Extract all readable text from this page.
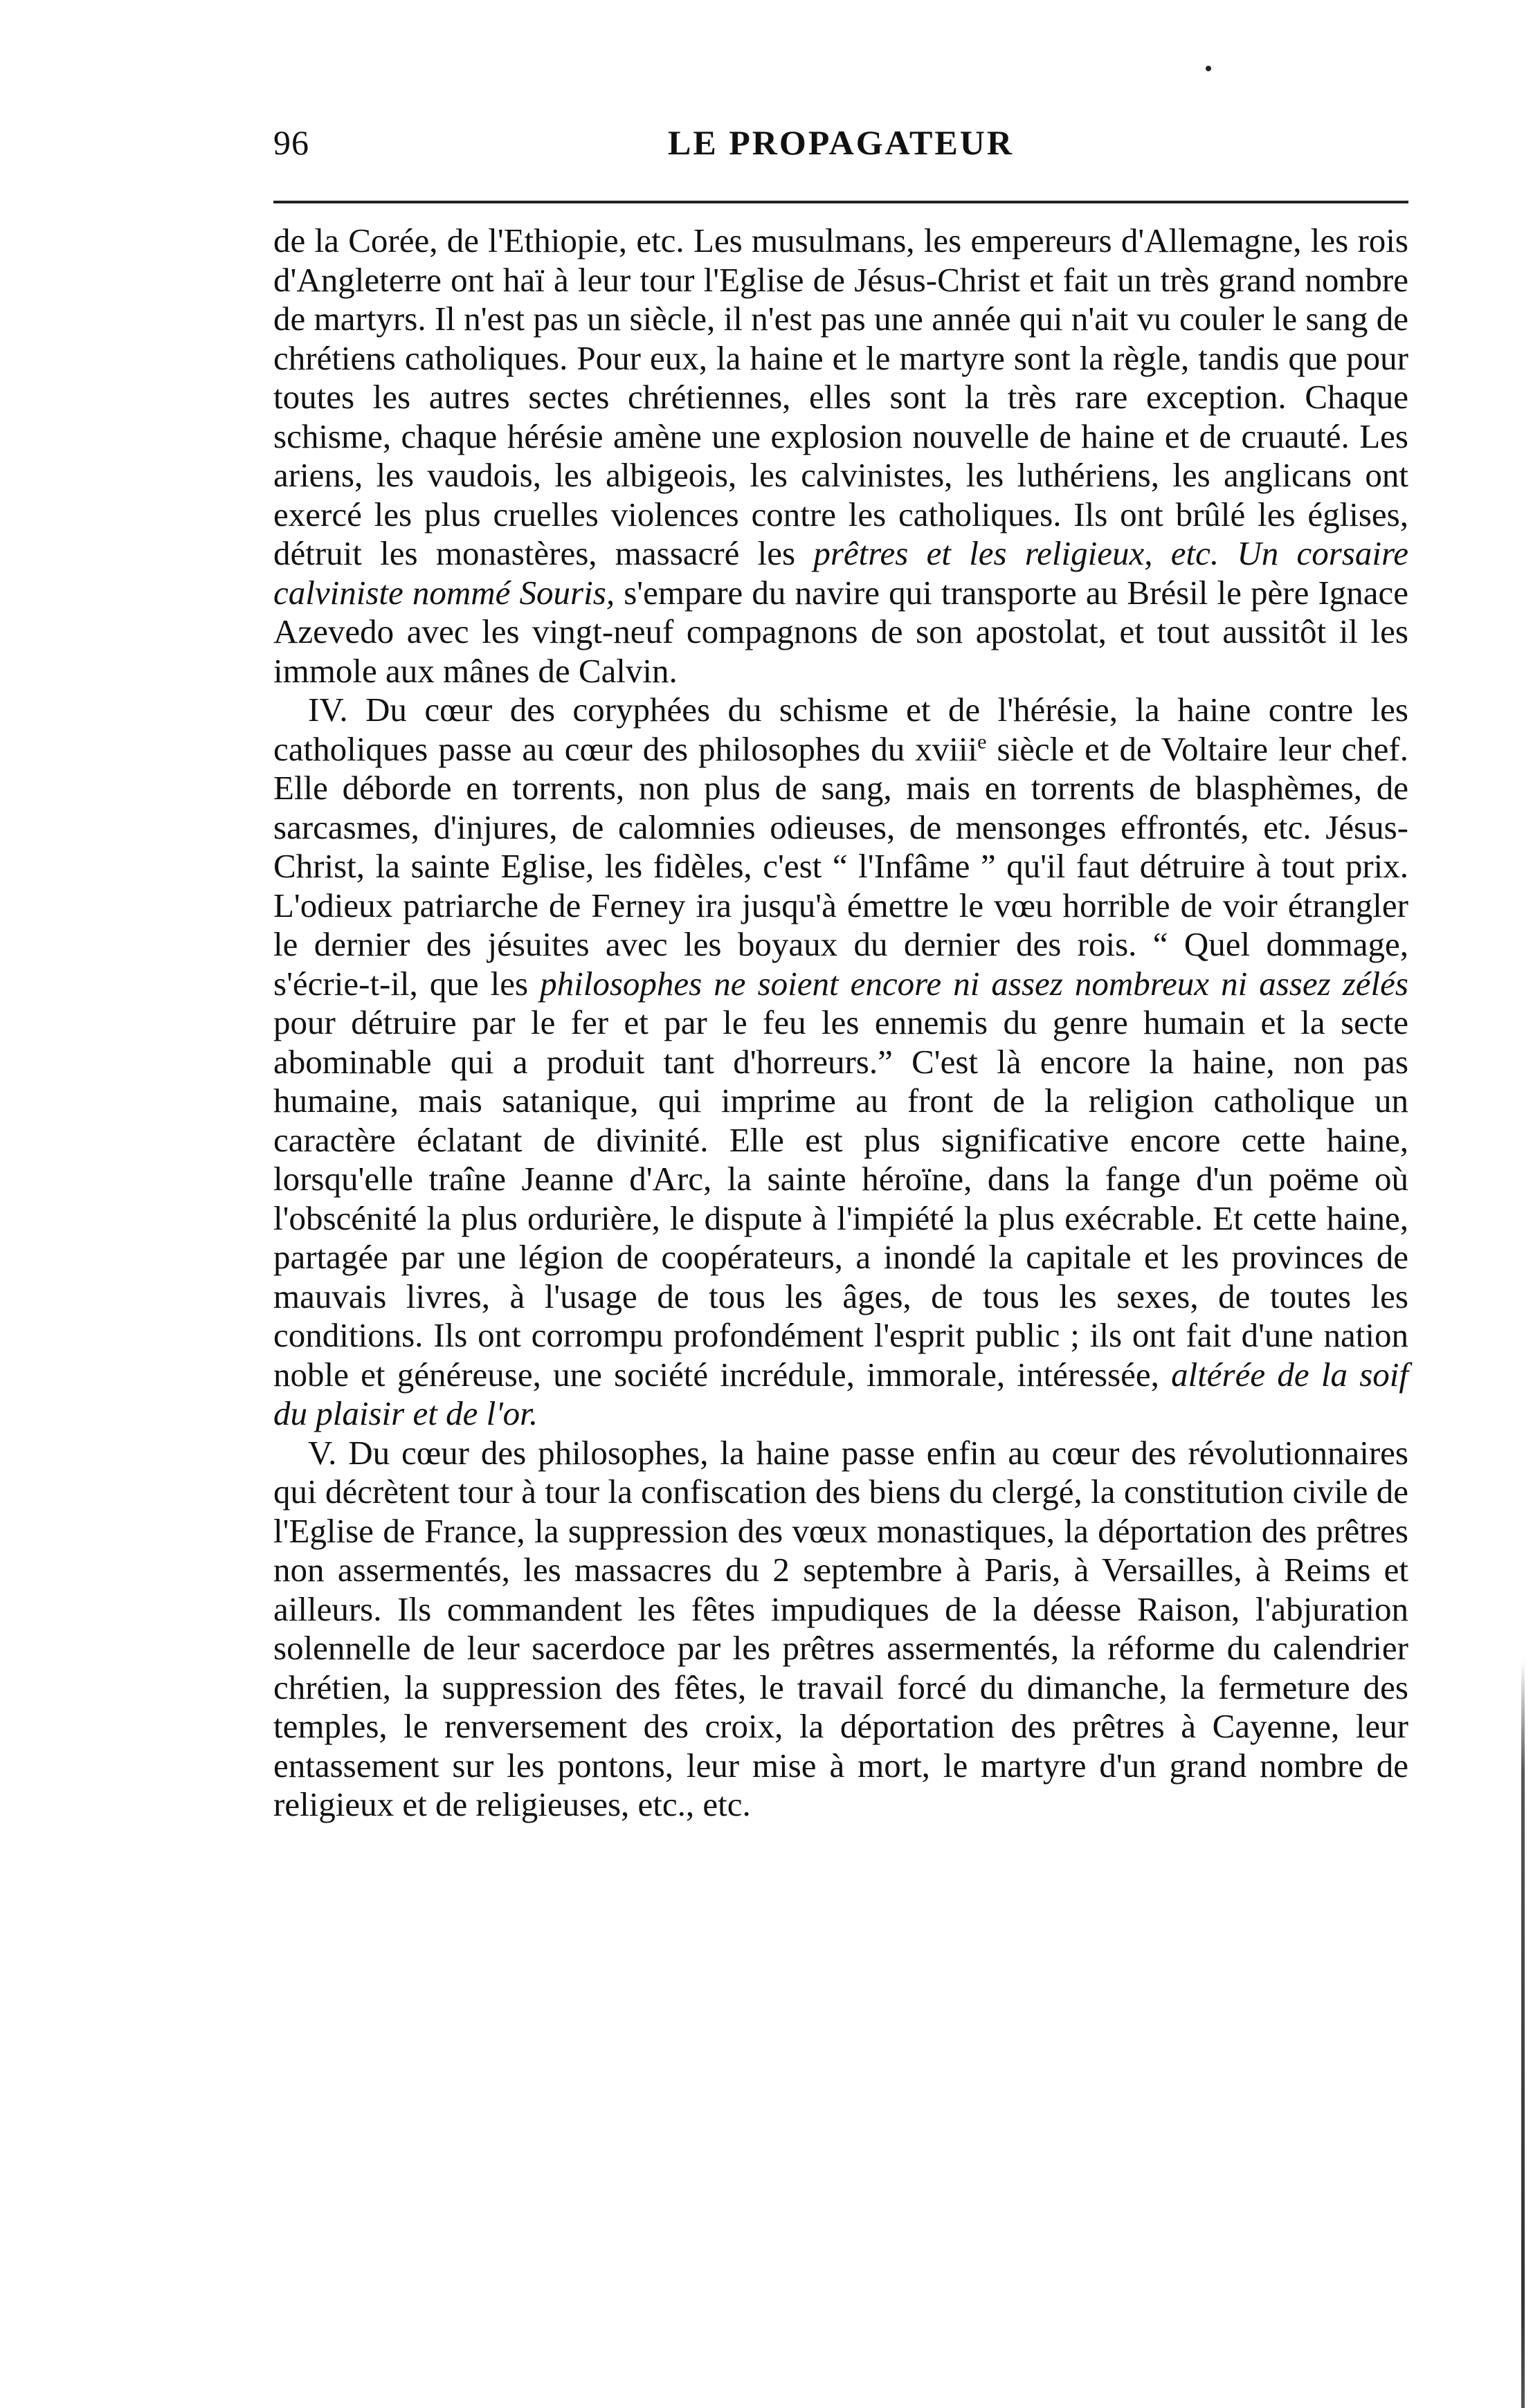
96	LE PROPAGATEUR

de la Corée, de l'Ethiopie, etc. Les musulmans, les empereurs d'Allemagne, les rois d'Angleterre ont haï à leur tour l'Eglise de Jésus-Christ et fait un très grand nombre de martyrs. Il n'est pas un siècle, il n'est pas une année qui n'ait vu couler le sang de chrétiens catholiques. Pour eux, la haine et le martyre sont la règle, tandis que pour toutes les autres sectes chrétiennes, elles sont la très rare exception. Chaque schisme, chaque hérésie amène une explosion nouvelle de haine et de cruauté. Les ariens, les vaudois, les albigeois, les calvinistes, les luthériens, les anglicans ont exercé les plus cruelles violences contre les catholiques. Ils ont brûlé les églises, détruit les monastères, massacré les prêtres et les religieux, etc. Un corsaire calviniste nommé Souris, s'empare du navire qui transporte au Brésil le père Ignace Azevedo avec les vingt-neuf compagnons de son apostolat, et tout aussitôt il les immole aux mânes de Calvin.

IV. Du cœur des coryphées du schisme et de l'hérésie, la haine contre les catholiques passe au cœur des philosophes du xviii$^e$ siècle et de Voltaire leur chef. Elle déborde en torrents, non plus de sang, mais en torrents de blasphèmes, de sarcasmes, d'injures, de calomnies odieuses, de mensonges effrontés, etc. Jésus-Christ, la sainte Eglise, les fidèles, c'est “ l'Infâme ” qu'il faut détruire à tout prix. L'odieux patriarche de Ferney ira jusqu'à émettre le vœu horrible de voir étrangler le dernier des jésuites avec les boyaux du dernier des rois. “ Quel dommage, s'écrie-t-il, que les philosophes ne soient encore ni assez nombreux ni assez zélés pour détruire par le fer et par le feu les ennemis du genre humain et la secte abominable qui a produit tant d'horreurs.” C'est là encore la haine, non pas humaine, mais satanique, qui imprime au front de la religion catholique un caractère éclatant de divinité. Elle est plus significative encore cette haine, lorsqu'elle traîne Jeanne d'Arc, la sainte héroïne, dans la fange d'un poëme où l'obscénité la plus ordurière, le dispute à l'impiété la plus exécrable. Et cette haine, partagée par une légion de coopérateurs, a inondé la capitale et les provinces de mauvais livres, à l'usage de tous les âges, de tous les sexes, de toutes les conditions. Ils ont corrompu profondément l'esprit public ; ils ont fait d'une nation noble et généreuse, une société incrédule, immorale, intéressée, altérée de la soif du plaisir et de l'or.

V. Du cœur des philosophes, la haine passe enfin au cœur des révolutionnaires qui décrètent tour à tour la confiscation des biens du clergé, la constitution civile de l'Eglise de France, la suppression des vœux monastiques, la déportation des prêtres non assermentés, les massacres du 2 septembre à Paris, à Versailles, à Reims et ailleurs. Ils commandent les fêtes impudiques de la déesse Raison, l'abjuration solennelle de leur sacerdoce par les prêtres assermentés, la réforme du calendrier chrétien, la suppression des fêtes, le travail forcé du dimanche, la fermeture des temples, le renversement des croix, la déportation des prêtres à Cayenne, leur entassement sur les pontons, leur mise à mort, le martyre d'un grand nombre de religieux et de religieuses, etc., etc.
